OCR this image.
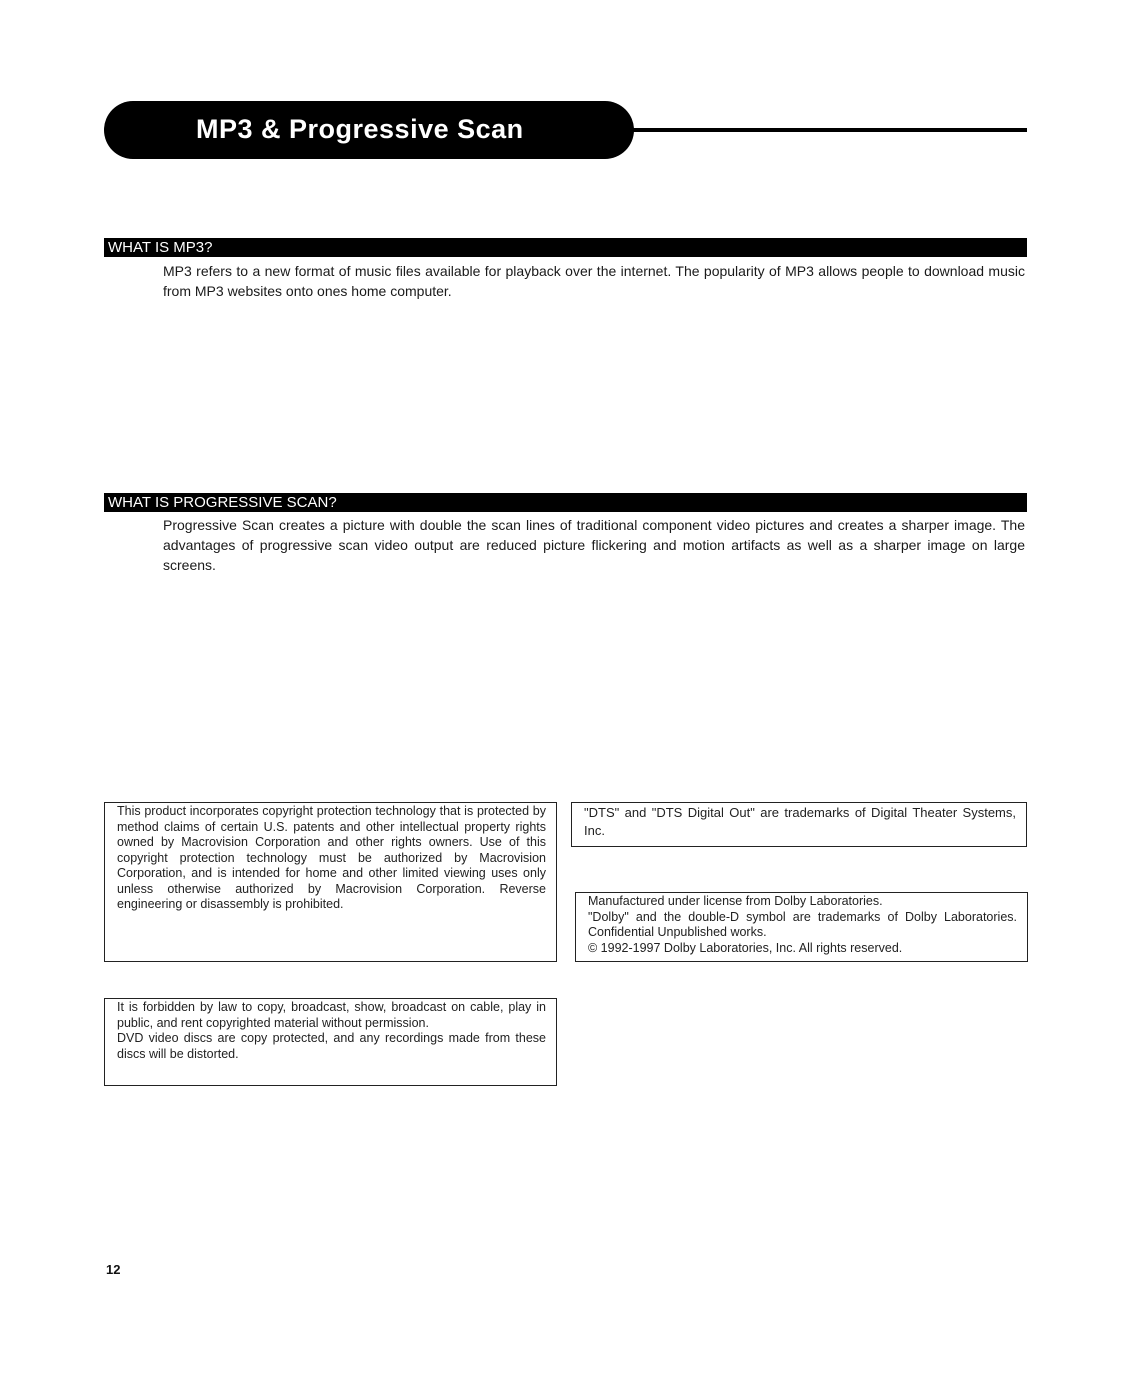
MP3 & Progressive Scan
WHAT IS MP3?
MP3 refers to a new format of music files available for playback over the internet. The popularity of MP3 allows people to download music from MP3 websites onto ones home computer.
WHAT IS PROGRESSIVE SCAN?
Progressive Scan creates a picture with double the scan lines of traditional component video pictures and creates a sharper image. The advantages of progressive scan video output are reduced picture flickering and motion artifacts as well as a sharper image on large screens.

This product incorporates copyright protection technology that is protected by method claims of certain U.S. patents and other intellectual property rights owned by Macrovision Corporation and other rights owners. Use of this copyright protection technology must be authorized by Macrovision Corporation, and is intended for home and other limited viewing uses only unless otherwise authorized by Macrovision Corporation. Reverse engineering or disassembly is prohibited.

"DTS" and "DTS Digital Out" are trademarks of Digital Theater Systems, Inc.

Manufactured under license from Dolby Laboratories.

"Dolby" and the double-D symbol are trademarks of Dolby Laboratories. Confidential Unpublished works.

© 1992-1997 Dolby Laboratories, Inc. All rights reserved.

It is forbidden by law to copy, broadcast, show, broadcast on cable, play in public, and rent copyrighted material without permission.

DVD video discs are copy protected, and any recordings made from these discs will be distorted.

12
